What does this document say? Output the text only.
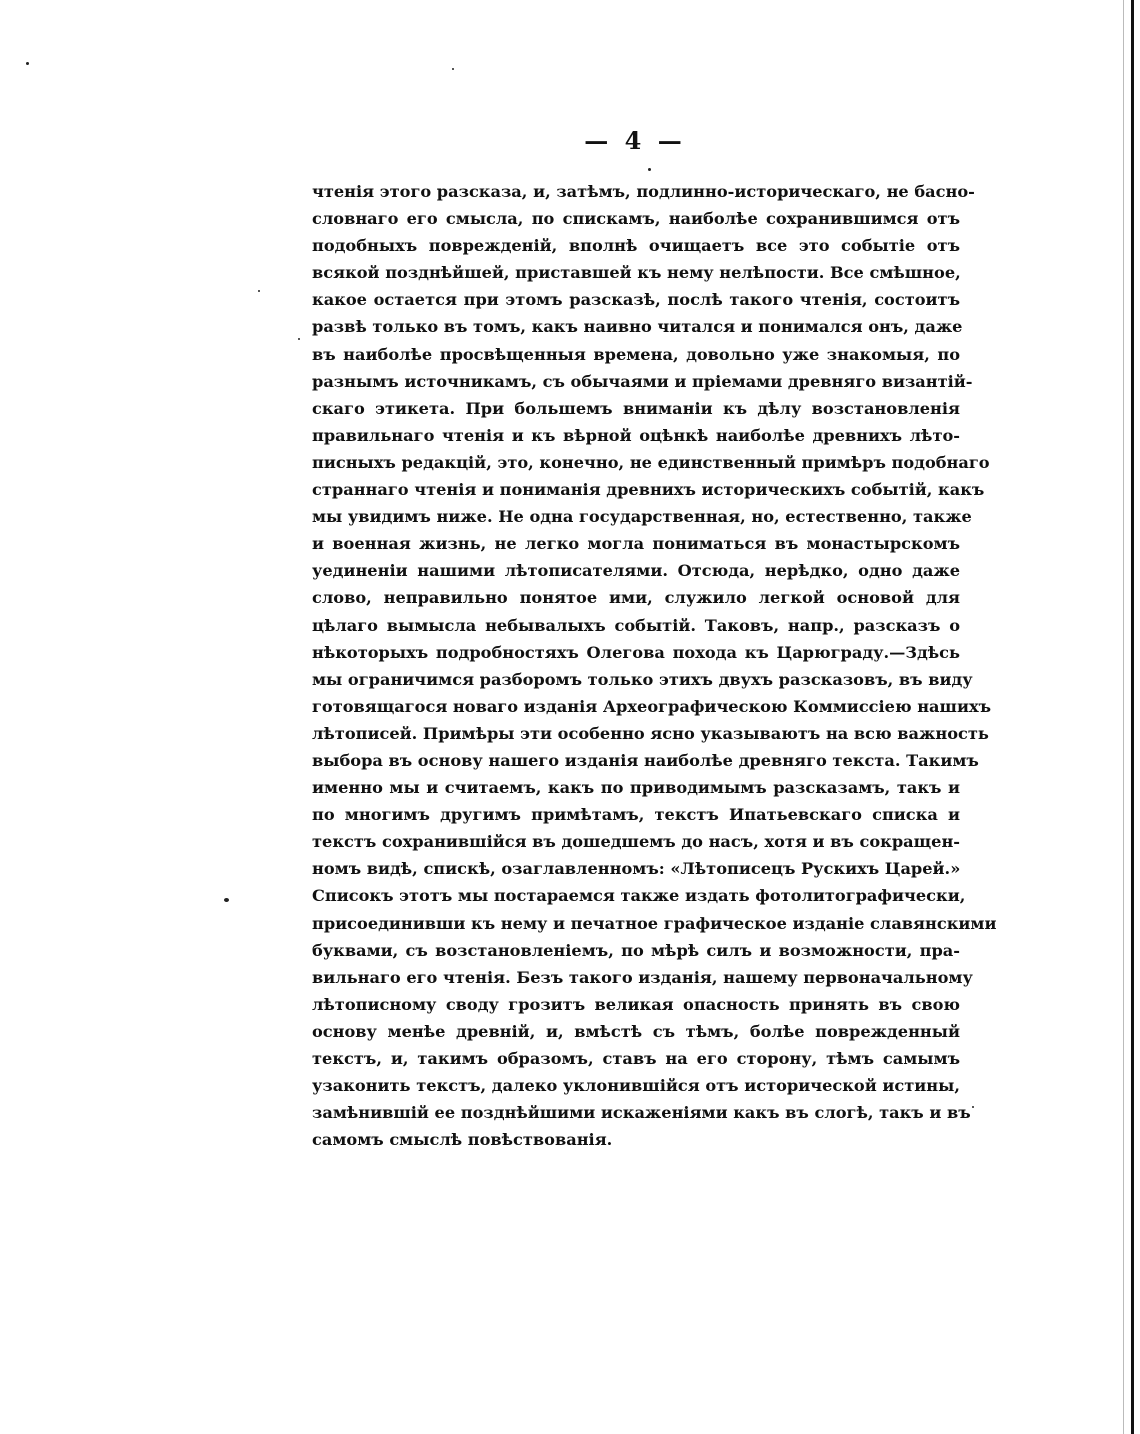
— 4 —
чтенія этого разсказа, и, затѣмъ, подлинно-историческаго, не басно-
словнаго его смысла, по спискамъ, наиболѣе сохранившимся отъ
подобныхъ поврежденій, вполнѣ очищаетъ все это событіе отъ
всякой позднѣйшей, приставшей къ нему нелѣпости. Все смѣшное,
какое остается при этомъ разсказѣ, послѣ такого чтенія, состоитъ
развѣ только въ томъ, какъ наивно читался и понимался онъ, даже
въ наиболѣе просвѣщенныя времена, довольно уже знакомыя, по
разнымъ источникамъ, съ обычаями и пріемами древняго византій-
скаго этикета. При большемъ вниманіи къ дѣлу возстановленія
правильнаго чтенія и къ вѣрной оцѣнкѣ наиболѣе древнихъ лѣто-
писныхъ редакцій, это, конечно, не единственный примѣръ подобнаго
страннаго чтенія и пониманія древнихъ историческихъ событій, какъ
мы увидимъ ниже. Не одна государственная, но, естественно, также
и военная жизнь, не легко могла пониматься въ монастырскомъ
уединеніи нашими лѣтописателями. Отсюда, нерѣдко, одно даже
слово, неправильно понятое ими, служило легкой основой для
цѣлаго вымысла небывалыхъ событій. Таковъ, напр., разсказъ о
нѣкоторыхъ подробностяхъ Олегова похода къ Царюграду.—Здѣсь
мы ограничимся разборомъ только этихъ двухъ разсказовъ, въ виду
готовящагося новаго изданія Археографическою Коммиссіею нашихъ
лѣтописей. Примѣры эти особенно ясно указываютъ на всю важность
выбора въ основу нашего изданія наиболѣе древняго текста. Такимъ
именно мы и считаемъ, какъ по приводимымъ разсказамъ, такъ и
по многимъ другимъ примѣтамъ, текстъ Ипатьевскаго списка и
текстъ сохранившійся въ дошедшемъ до насъ, хотя и въ сокращен-
номъ видѣ, спискѣ, озаглавленномъ: «Лѣтописецъ Рускихъ Царей.»
Списокъ этотъ мы постараемся также издать фотолитографически,
присоединивши къ нему и печатное графическое изданіе славянскими
буквами, съ возстановленіемъ, по мѣрѣ силъ и возможности, пра-
вильнаго его чтенія. Безъ такого изданія, нашему первоначальному
лѣтописному своду грозитъ великая опасность принять въ свою
основу менѣе древній, и, вмѣстѣ съ тѣмъ, болѣе поврежденный
текстъ, и, такимъ образомъ, ставъ на его сторону, тѣмъ самымъ
узаконить текстъ, далеко уклонившійся отъ исторической истины,
замѣнившій ее позднѣйшими искаженіями какъ въ слогѣ, такъ и въ
самомъ смыслѣ повѣствованія.
